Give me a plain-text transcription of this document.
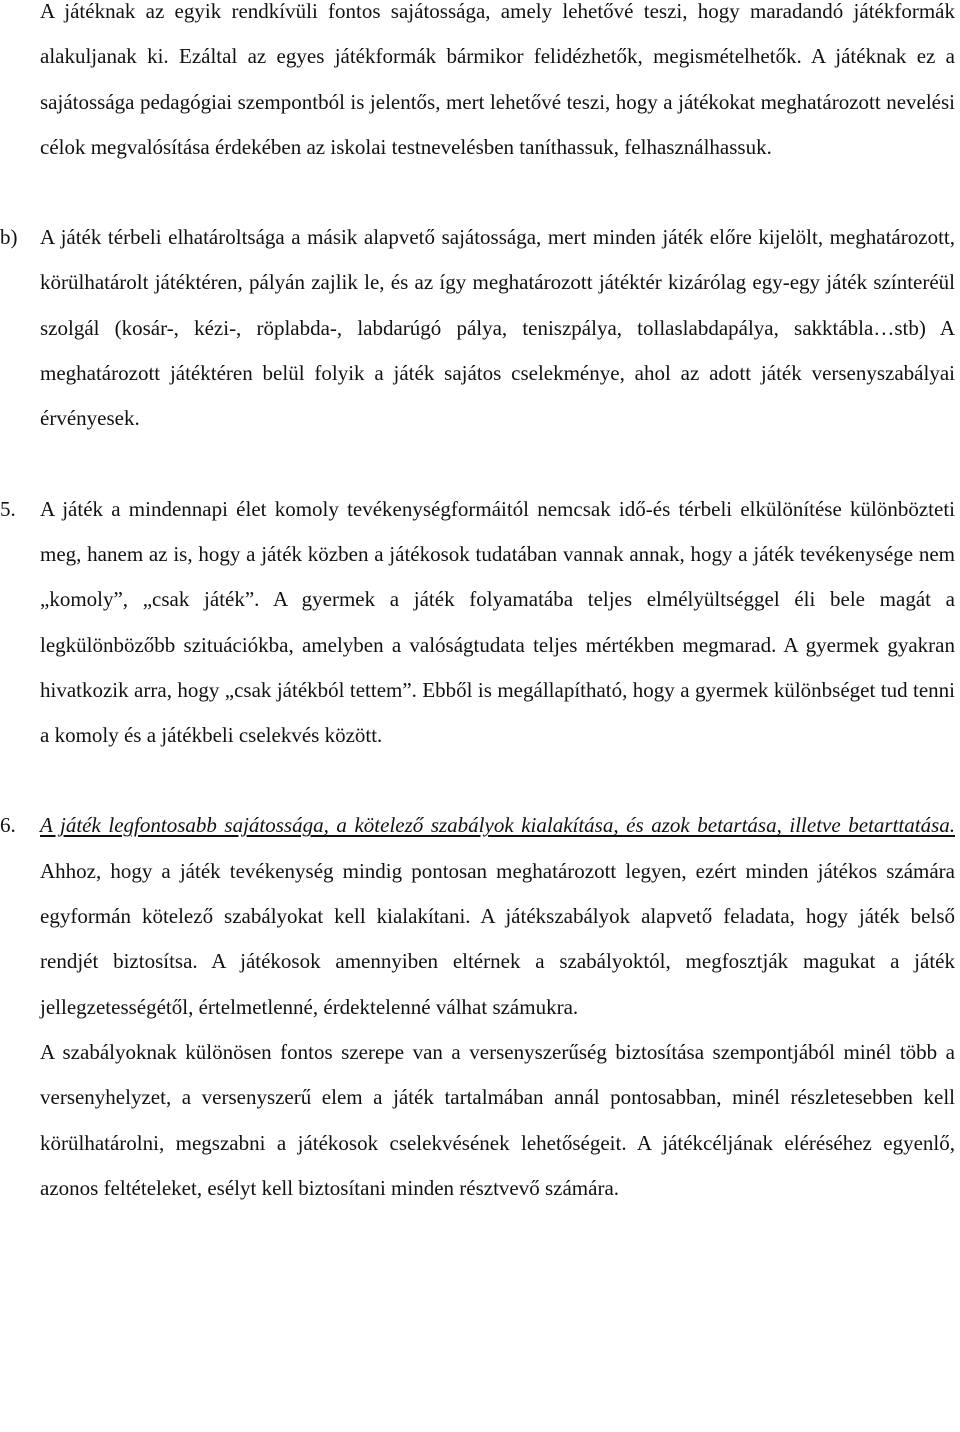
A játéknak az egyik rendkívüli fontos sajátossága, amely lehetővé teszi, hogy maradandó játékformák alakuljanak ki. Ezáltal az egyes játékformák bármikor felidézhetők, megismételhetők. A játéknak ez a sajátossága pedagógiai szempontból is jelentős, mert lehetővé teszi, hogy a játékokat meghatározott nevelési célok megvalósítása érdekében az iskolai testnevelésben taníthassuk, felhasználhassuk.

b) A játék térbeli elhatároltsága a másik alapvető sajátossága, mert minden játék előre kijelölt, meghatározott, körülhatárolt játéktéren, pályán zajlik le, és az így meghatározott játéktér kizárólag egy-egy játék színteréül szolgál (kosár-, kézi-, röplabda-, labdarúgó pálya, teniszpálya, tollaslabdapálya, sakktábla…stb) A meghatározott játéktéren belül folyik a játék sajátos cselekménye, ahol az adott játék versenyszabályai érvényesek.
5. A játék a mindennapi élet komoly tevékenységformáitól nemcsak idő-és térbeli elkülönítése különbözteti meg, hanem az is, hogy a játék közben a játékosok tudatában vannak annak, hogy a játék tevékenysége nem „komoly”, „csak játék”. A gyermek a játék folyamatába teljes elmélyültséggel éli bele magát a legkülönbözőbb szituációkba, amelyben a valóságtudata teljes mértékben megmarad. A gyermek gyakran hivatkozik arra, hogy „csak játékból tettem”. Ebből is megállapítható, hogy a gyermek különbséget tud tenni a komoly és a játékbeli cselekvés között.
6. A játék legfontosabb sajátossága, a kötelező szabályok kialakítása, és azok betartása, illetve betarttatása. Ahhoz, hogy a játék tevékenység mindig pontosan meghatározott legyen, ezért minden játékos számára egyformán kötelező szabályokat kell kialakítani. A játékszabályok alapvető feladata, hogy játék belső rendjét biztosítsa. A játékosok amennyiben eltérnek a szabályoktól, megfosztják magukat a játék jellegzetességétől, értelmetlenné, érdektelenné válhat számukra.

A szabályoknak különösen fontos szerepe van a versenyszerűség biztosítása szempontjából minél több a versenyhelyzet, a versenyszerű elem a játék tartalmában annál pontosabban, minél részletesebben kell körülhatárolni, megszabni a játékosok cselekvésének lehetőségeit. A játékcéljának eléréséhez egyenlő, azonos feltételeket, esélyt kell biztosítani minden résztvevő számára.
